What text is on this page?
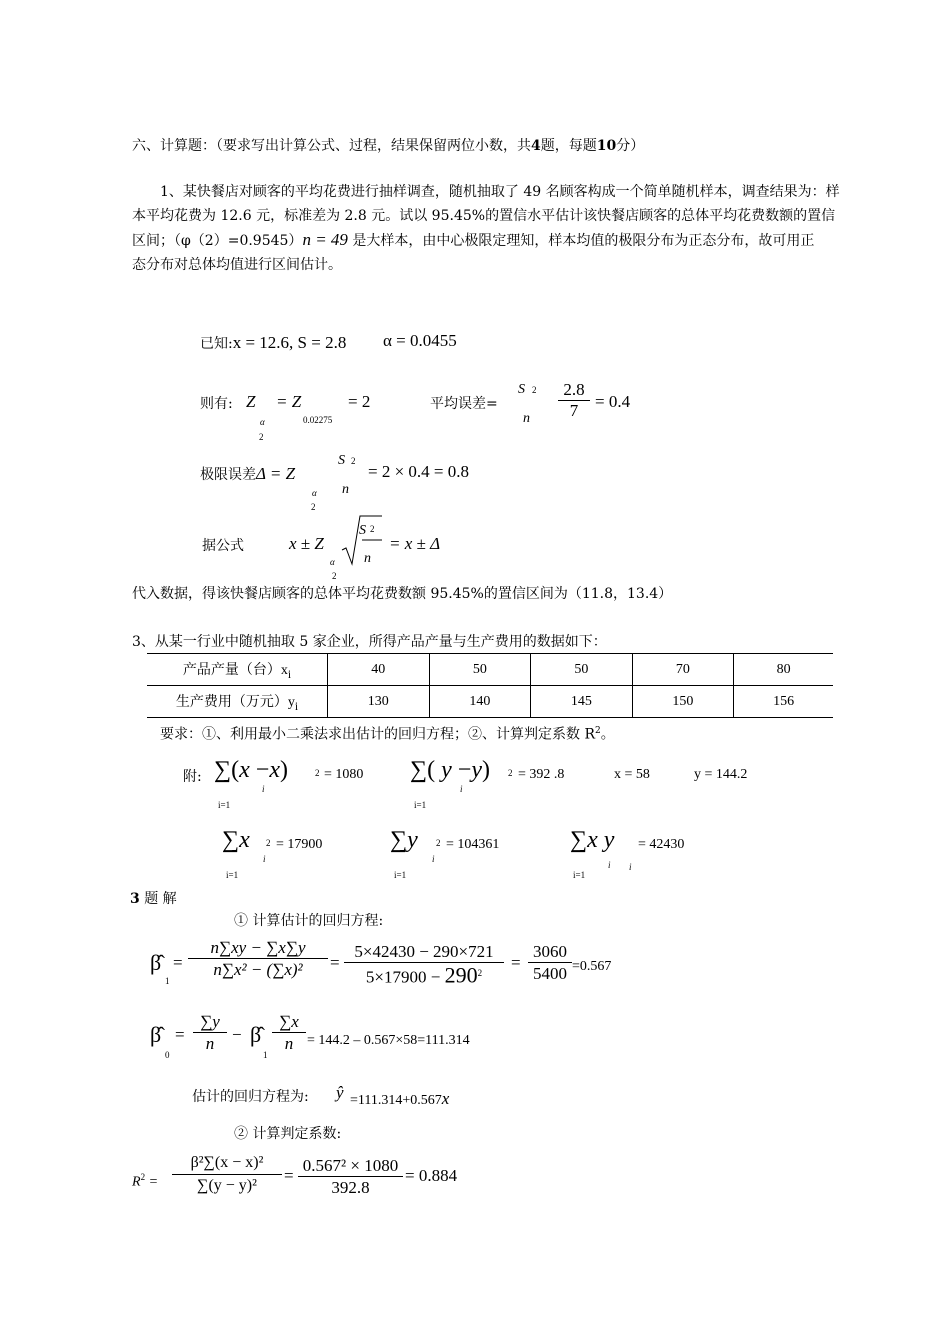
六、计算题：（要求写出计算公式、过程，结果保留两位小数，共4题，每题10分）
1、某快餐店对顾客的平均花费进行抽样调查，随机抽取了 49 名顾客构成一个简单随机样本，调查结果为：样
本平均花费为 12.6 元，标准差为 2.8 元。试以 95.45%的置信水平估计该快餐店顾客的总体平均花费数额的置信
区间；（φ（2）=0.9545）n = 49 是大样本，由中心极限定理知，样本均值的极限分布为正态分布，故可用正
态分布对总体均值进行区间估计。
已知:x = 12.6, S = 2.8 α = 0.0455
则有: Z
α
2
= Z
0.02275
= 2	平均误差=
S 2
n
2.8
7 = 0.4
极限误差Δ = Z
α
2
S 2
n
= 2 × 0.4 = 0.8
据公式	x ± Z
α
2
S 2
n
= x ± Δ
代入数据，得该快餐店顾客的总体平均花费数额 95.45%的置信区间为（11.8，13.4）
3、从某一行业中随机抽取 5 家企业，所得产品产量与生产费用的数据如下：
产品产量（台）$x_i$	40	50	50	70	80
生产费用（万元）$y_i$	130	140	145	150	156
要求：①、利用最小二乘法求出估计的回归方程；②、计算判定系数 $R^2$。
附: ∑(x −x)
i
2 = 1080
i=1
∑( y −y)
i
2 = 392 .8
i=1
x = 58	y = 144.2
∑x
i
2 = 17900
i=1
∑y
i
2 = 104361
i=1
∑x y
i i
= 42430
i=1
3 题 解
① 计算估计的回归方程:
β̂
1
=
n∑xy − ∑x∑y
n∑x² − (∑x)² =
5×42430 − 290×721
$5\times 17900 - 290^2$
=
3060
5400 =0.567
β̂
0
=
∑y
n − β̂
1
∑x
n = 144.2 – 0.567×58=111.314
估计的回归方程为: ŷ =111.314+0.567x
② 计算判定系数:
$R^2$ =
β²∑(x − x)²
∑(y − y)²
=
0.567² × 1080
392.8
= 0.884
